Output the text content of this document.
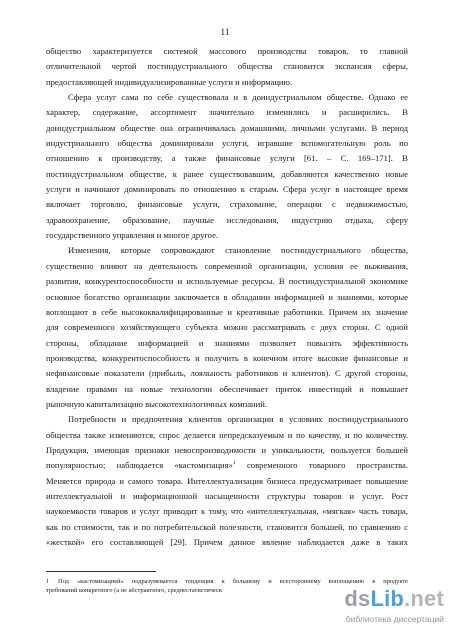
11
общество характеризуется системой массового производства товаров, то главной
отличительной чертой постиндустриального общества становится экспансия сферы,
предоставляющей индивидуализированные услуги и информацию.
Сфера услуг сама по себе существовала и в доиндустриальном обществе. Однако ее
характер, содержание, ассортимент значительно изменились и расширились. В
доиндустриальном обществе она ограничивалась домашними, личными услугами. В период
индустриального общества доминировали услуги, игравшие вспомогательную роль по
отношению к производству, а также финансовые услуги [61. – С. 169–171]. В
постиндустриальном обществе, к ранее существовавшим, добавляются качественно новые
услуги и начинают доминировать по отношению к старым. Сфера услуг в настоящее время
включает торговлю, финансовые услуги, страхование, операции с недвижимостью,
здравоохранение, образование, научные исследования, индустрию отдыха, сферу
государственного управления и многое другое.
Изменения, которые сопровождают становление постиндустриального общества,
существенно влияют на деятельность современной организации, условия ее выживания,
развития, конкурентоспособности и используемые ресурсы. В постиндустриальной экономике
основное богатство организации заключается в обладании информацией и знаниями, которые
воплощают в себе высококвалифицированные и креативные работники. Причем их значение
для современного хозяйствующего субъекта можно рассматривать с двух сторон. С одной
стороны, обладание информацией и знаниями позволяет повысить эффективность
производства, конкурентоспособность и получить в конечном итоге высокие финансовые и
нефинансовые показатели (прибыль, лояльность работников и клиентов). С другой стороны,
владение правами на новые технологии обеспечивает приток инвестиций и повышает
рыночную капитализацию высокотехнологичных компаний.
Потребности и предпочтения клиентов организации в условиях постиндустриального
общества также изменяются, спрос делается непредсказуемым и по качеству, и по количеству.
Продукция, имеющая признаки невоспроизводимости и уникальности, пользуется большей
популярностью; наблюдается «кастомизация»$^1$ современного товарного пространства.
Меняется природа и самого товара. Интеллектуализация бизнеса предусматривает повышение
интеллектуальной и информационной насыщенности структуры товаров и услуг. Рост
наукоемкости товаров и услуг приводит к тому, что «интеллектуальная, «мягкая» часть товара,
как по стоимости, так и по потребительской полезности, становится большей, по сравнению с
«жесткой» его составляющей [29]. Причем данное явление наблюдается даже в таких
1 Под «кастомизацией» подразумевается тенденция к большему и всестороннему воплощению в продукте
требований конкретного (а не абстрактного, среднестатистическ	dsLib.net
библиотека диссертаций
